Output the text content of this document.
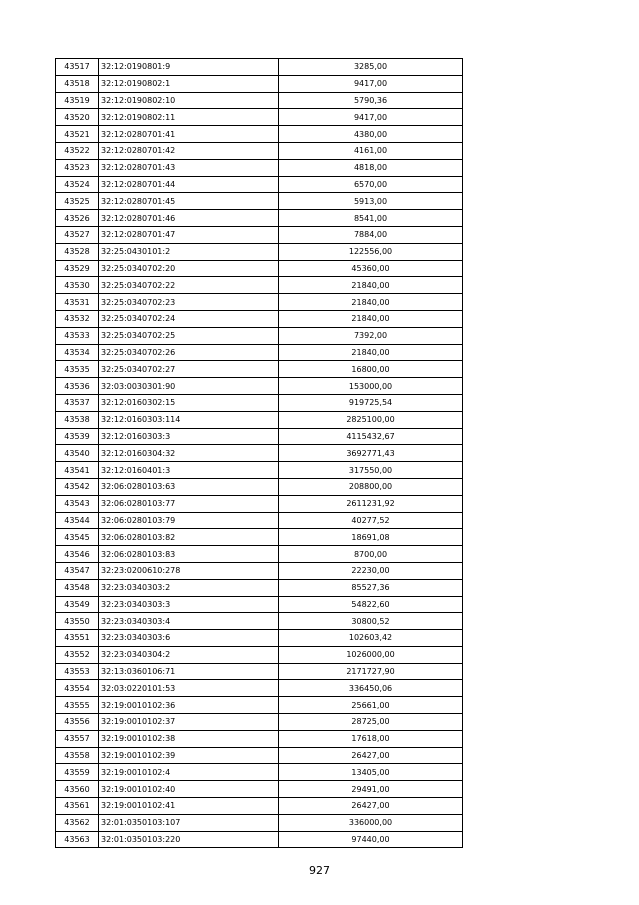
43517	32:12:0190801:9	3285,00
43518	32:12:0190802:1	9417,00
43519	32:12:0190802:10	5790,36
43520	32:12:0190802:11	9417,00
43521	32:12:0280701:41	4380,00
43522	32:12:0280701:42	4161,00
43523	32:12:0280701:43	4818,00
43524	32:12:0280701:44	6570,00
43525	32:12:0280701:45	5913,00
43526	32:12:0280701:46	8541,00
43527	32:12:0280701:47	7884,00
43528	32:25:0430101:2	122556,00
43529	32:25:0340702:20	45360,00
43530	32:25:0340702:22	21840,00
43531	32:25:0340702:23	21840,00
43532	32:25:0340702:24	21840,00
43533	32:25:0340702:25	7392,00
43534	32:25:0340702:26	21840,00
43535	32:25:0340702:27	16800,00
43536	32:03:0030301:90	153000,00
43537	32:12:0160302:15	919725,54
43538	32:12:0160303:114	2825100,00
43539	32:12:0160303:3	4115432,67
43540	32:12:0160304:32	3692771,43
43541	32:12:0160401:3	317550,00
43542	32:06:0280103:63	208800,00
43543	32:06:0280103:77	2611231,92
43544	32:06:0280103:79	40277,52
43545	32:06:0280103:82	18691,08
43546	32:06:0280103:83	8700,00
43547	32:23:0200610:278	22230,00
43548	32:23:0340303:2	85527,36
43549	32:23:0340303:3	54822,60
43550	32:23:0340303:4	30800,52
43551	32:23:0340303:6	102603,42
43552	32:23:0340304:2	1026000,00
43553	32:13:0360106:71	2171727,90
43554	32:03:0220101:53	336450,06
43555	32:19:0010102:36	25661,00
43556	32:19:0010102:37	28725,00
43557	32:19:0010102:38	17618,00
43558	32:19:0010102:39	26427,00
43559	32:19:0010102:4	13405,00
43560	32:19:0010102:40	29491,00
43561	32:19:0010102:41	26427,00
43562	32:01:0350103:107	336000,00
43563	32:01:0350103:220	97440,00
927
